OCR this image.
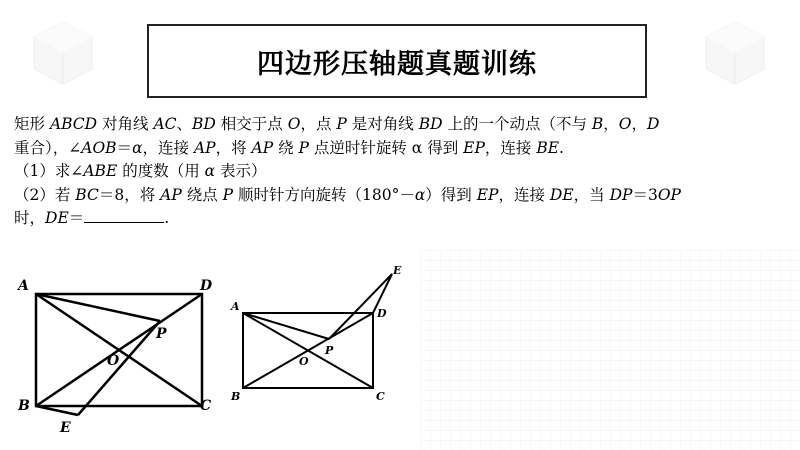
四边形压轴题真题训练
矩形 ABCD 对角线 AC、BD 相交于点 O，点 P 是对角线 BD 上的一个动点（不与 B，O，D
重合），∠AOB＝α，连接 AP，将 AP 绕 P 点逆时针旋转 α 得到 EP，连接 BE.
（1）求∠ABE 的度数（用 α 表示）
（2）若 BC＝8，将 AP 绕点 P 顺时针方向旋转（180°－α）得到 EP，连接 DE，当 DP＝3OP
时，DE＝	.
A	D
B	C
P
O
E
A
D
B	C
P
O
E
